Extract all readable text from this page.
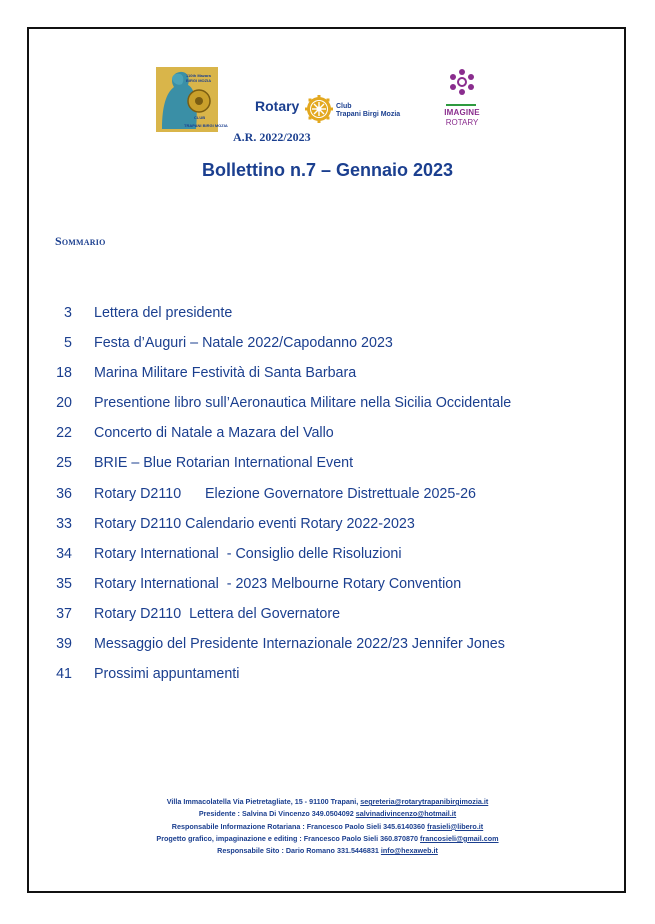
110th Mazara
BIRGI MOZIA
CLUB
TRAPANI BIRGI MOZIA
Rotary	Club
Trapani Birgi Mozia	IMAGINE
ROTARY
A.R. 2022/2023
Bollettino n.7 – Gennaio 2023
Sommario
3 Lettera del presidente
5 Festa d’Auguri – Natale 2022/Capodanno 2023
18 Marina Militare Festività di Santa Barbara
20 Presentione libro sull’Aeronautica Militare nella Sicilia Occidentale
22 Concerto di Natale a Mazara del Vallo
25 BRIE – Blue Rotarian International Event
36 Rotary D2110      Elezione Governatore Distrettuale 2025-26
33 Rotary D2110 Calendario eventi Rotary 2022-2023
34 Rotary International  - Consiglio delle Risoluzioni
35 Rotary International  - 2023 Melbourne Rotary Convention
37 Rotary D2110  Lettera del Governatore
39 Messaggio del Presidente Internazionale 2022/23 Jennifer Jones
41 Prossimi appuntamenti
Villa Immacolatella Via Pietretagliate, 15 - 91100 Trapani, segreteria@rotarytrapanibirgimozia.it
Presidente : Salvina Di Vincenzo 349.0504092 salvinadivincenzo@hotmail.it
Responsabile Informazione Rotariana : Francesco Paolo Sieli 345.6140360 frasieli@libero.it
Progetto grafico, impaginazione e editing : Francesco Paolo Sieli 360.870870 francosieli@gmail.com
Responsabile Sito : Dario Romano 331.5446831 info@hexaweb.it
